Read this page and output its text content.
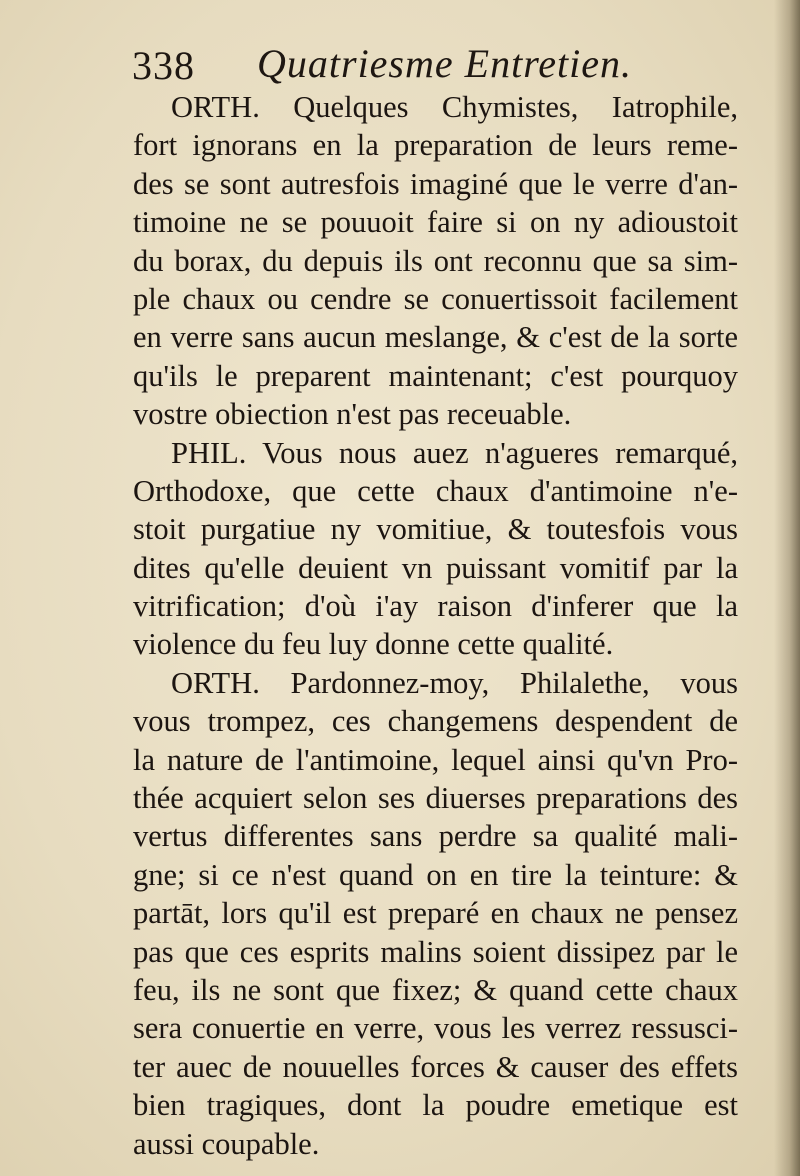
338 Quatriesme Entretien.
ORTH. Quelques Chymistes, Iatrophile,
fort ignorans en la preparation de leurs reme-
des se sont autresfois imaginé que le verre d'an-
timoine ne se pouuoit faire si on ny adioustoit
du borax, du depuis ils ont reconnu que sa sim-
ple chaux ou cendre se conuertissoit facilement
en verre sans aucun meslange, & c'est de la sorte
qu'ils le preparent maintenant; c'est pourquoy
vostre obiection n'est pas receuable.
PHIL. Vous nous auez n'agueres remarqué,
Orthodoxe, que cette chaux d'antimoine n'e-
stoit purgatiue ny vomitiue, & toutesfois vous
dites qu'elle deuient vn puissant vomitif par la
vitrification; d'où i'ay raison d'inferer que la
violence du feu luy donne cette qualité.
ORTH. Pardonnez-moy, Philalethe, vous
vous trompez, ces changemens despendent de
la nature de l'antimoine, lequel ainsi qu'vn Pro-
thée acquiert selon ses diuerses preparations des
vertus differentes sans perdre sa qualité mali-
gne; si ce n'est quand on en tire la teinture: &
partāt, lors qu'il est preparé en chaux ne pensez
pas que ces esprits malins soient dissipez par le
feu, ils ne sont que fixez; & quand cette chaux
sera conuertie en verre, vous les verrez ressusci-
ter auec de nouuelles forces & causer des effets
bien tragiques, dont la poudre emetique est
aussi coupable.
